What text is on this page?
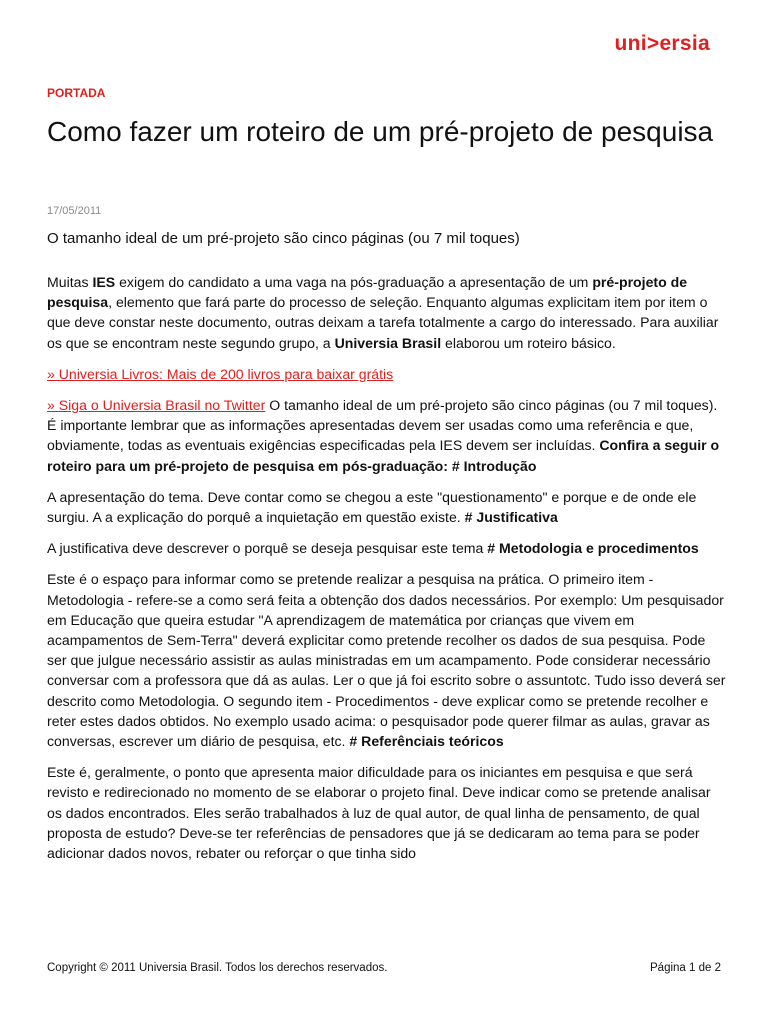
uni>ersia
PORTADA
Como fazer um roteiro de um pré-projeto de pesquisa
17/05/2011
O tamanho ideal de um pré-projeto são cinco páginas (ou 7 mil toques)

Muitas IES exigem do candidato a uma vaga na pós-graduação a apresentação de um pré-projeto de pesquisa, elemento que fará parte do processo de seleção. Enquanto algumas explicitam item por item o que deve constar neste documento, outras deixam a tarefa totalmente a cargo do interessado. Para auxiliar os que se encontram neste segundo grupo, a Universia Brasil elaborou um roteiro básico.

» Universia Livros: Mais de 200 livros para baixar grátis

» Siga o Universia Brasil no Twitter O tamanho ideal de um pré-projeto são cinco páginas (ou 7 mil toques). É importante lembrar que as informações apresentadas devem ser usadas como uma referência e que, obviamente, todas as eventuais exigências especificadas pela IES devem ser incluídas. Confira a seguir o roteiro para um pré-projeto de pesquisa em pós-graduação: # Introdução

A apresentação do tema. Deve contar como se chegou a este "questionamento" e porque e de onde ele surgiu. A a explicação do porquê a inquietação em questão existe. # Justificativa

A justificativa deve descrever o porquê se deseja pesquisar este tema # Metodologia e procedimentos

Este é o espaço para informar como se pretende realizar a pesquisa na prática. O primeiro item - Metodologia - refere-se a como será feita a obtenção dos dados necessários. Por exemplo: Um pesquisador em Educação que queira estudar "A aprendizagem de matemática por crianças que vivem em acampamentos de Sem-Terra" deverá explicitar como pretende recolher os dados de sua pesquisa. Pode ser que julgue necessário assistir as aulas ministradas em um acampamento. Pode considerar necessário conversar com a professora que dá as aulas. Ler o que já foi escrito sobre o assuntotc. Tudo isso deverá ser descrito como Metodologia. O segundo item - Procedimentos - deve explicar como se pretende recolher e reter estes dados obtidos. No exemplo usado acima: o pesquisador pode querer filmar as aulas, gravar as conversas, escrever um diário de pesquisa, etc. # Referênciais teóricos

Este é, geralmente, o ponto que apresenta maior dificuldade para os iniciantes em pesquisa e que será revisto e redirecionado no momento de se elaborar o projeto final. Deve indicar como se pretende analisar os dados encontrados. Eles serão trabalhados à luz de qual autor, de qual linha de pensamento, de qual proposta de estudo? Deve-se ter referências de pensadores que já se dedicaram ao tema para se poder adicionar dados novos, rebater ou reforçar o que tinha sido

Copyright © 2011 Universia Brasil. Todos los derechos reservados.	Página 1 de 2
